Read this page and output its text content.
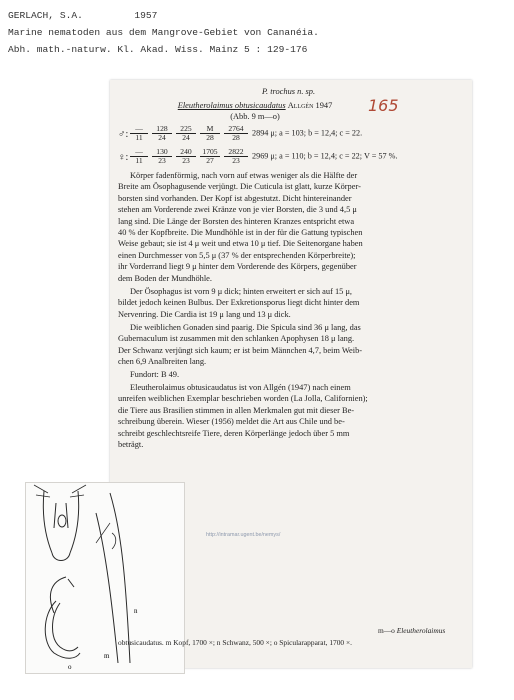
GERLACH, S.A.	1957
Marine nematoden aus dem Mangrove-Gebiet von Cananéia.
Abh. math.-naturw. Kl. Akad. Wiss. Mainz 5 : 129-176
P. trochus n. sp.
Eleutherolaimus obtusicaudatus Allgén 1947
(Abb. 9 m—o)
165
♂: $\frac{—}{11} \frac{128}{24} \frac{225}{24} \frac{M}{28} \frac{2764}{28} 2894$ μ; a = 103; b = 12,4; c = 22.
♀: $\frac{—}{11} \frac{130}{23} \frac{240}{23} \frac{1705}{27} \frac{2822}{23} 2969$ μ; a = 110; b = 12,4; c = 22; V = 57 %.
Körper fadenförmig, nach vorn auf etwas weniger als die Hälfte der
Breite am Ösophagusende verjüngt. Die Cuticula ist glatt, kurze Körper-
borsten sind vorhanden. Der Kopf ist abgestutzt. Dicht hintereinander
stehen am Vorderende zwei Kränze von je vier Borsten, die 3 und 4,5 μ
lang sind. Die Länge der Borsten des hinteren Kranzes entspricht etwa
40 % der Kopfbreite. Die Mundhöhle ist in der für die Gattung typischen
Weise gebaut; sie ist 4 μ weit und etwa 10 μ tief. Die Seitenorgane haben
einen Durchmesser von 5,5 μ (37 % der entsprechenden Körperbreite);
ihr Vorderrand liegt 9 μ hinter dem Vorderende des Körpers, gegenüber
dem Boden der Mundhöhle.
Der Ösophagus ist vorn 9 μ dick; hinten erweitert er sich auf 15 μ,
bildet jedoch keinen Bulbus. Der Exkretionsporus liegt dicht hinter dem
Nervenring. Die Cardia ist 19 μ lang und 13 μ dick.
Die weiblichen Gonaden sind paarig. Die Spicula sind 36 μ lang, das
Gubernaculum ist zusammen mit den schlanken Apophysen 18 μ lang.
Der Schwanz verjüngt sich kaum; er ist beim Männchen 4,7, beim Weib-
chen 6,9 Analbreiten lang.
Fundort: B 49.
Eleutherolaimus obtusicaudatus ist von Allgén (1947) nach einem
unreifen weiblichen Exemplar beschrieben worden (La Jolla, Californien);
die Tiere aus Brasilien stimmen in allen Merkmalen gut mit dieser Be-
schreibung überein. Wieser (1956) meldet die Art aus Chile und be-
schreibt geschlechtsreife Tiere, deren Körperlänge jedoch über 5 mm
beträgt.
m
n
o
http://intramar.ugent.be/nemys/
m—o Eleutherolaimus
obtusicaudatus. m Kopf, 1700 ×; n Schwanz, 500 ×; o Spicularapparat, 1700 ×.
